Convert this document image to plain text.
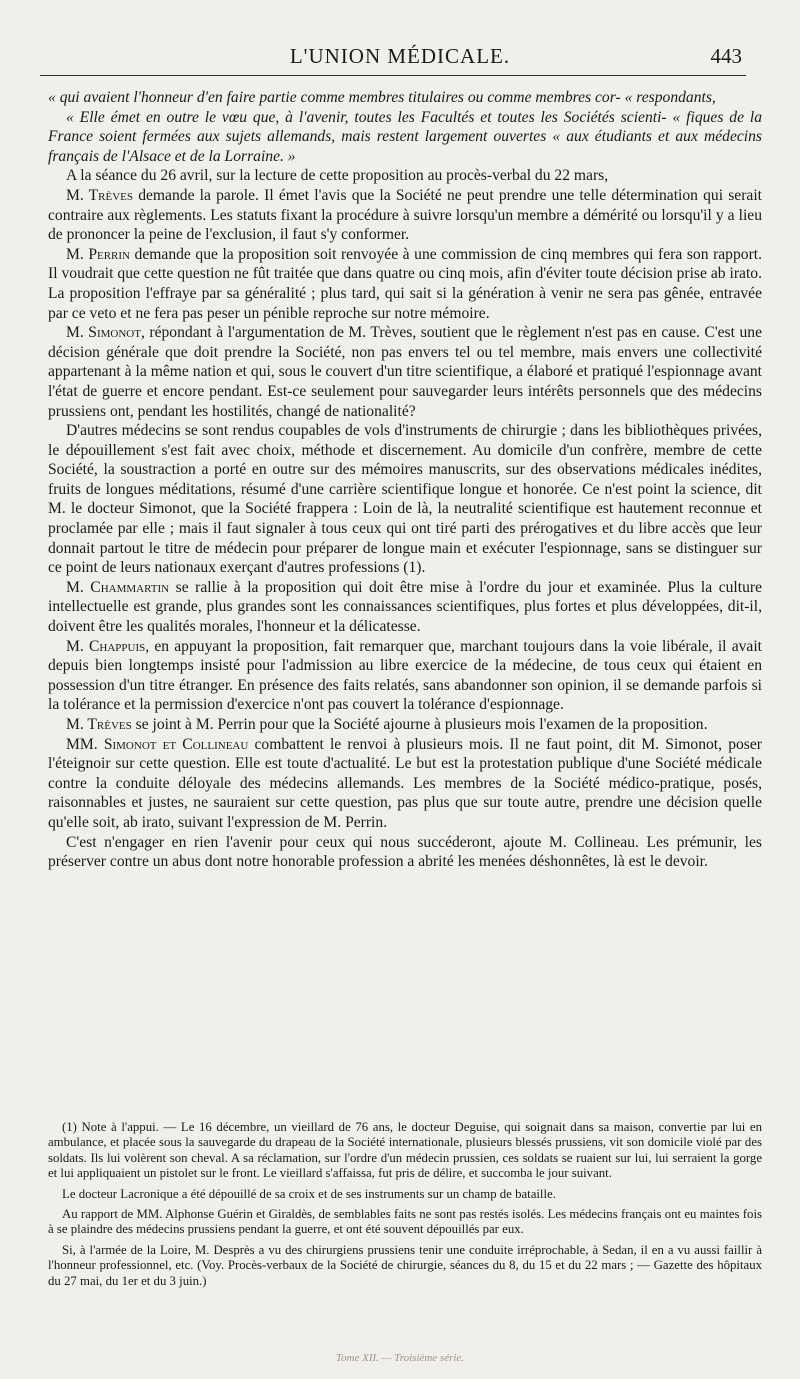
L'UNION MÉDICALE.	443

« qui avaient l'honneur d'en faire partie comme membres titulaires ou comme membres cor- « respondants,

« Elle émet en outre le vœu que, à l'avenir, toutes les Facultés et toutes les Sociétés scienti- « fiques de la France soient fermées aux sujets allemands, mais restent largement ouvertes « aux étudiants et aux médecins français de l'Alsace et de la Lorraine. »

A la séance du 26 avril, sur la lecture de cette proposition au procès-verbal du 22 mars,

M. Trèves demande la parole. Il émet l'avis que la Société ne peut prendre une telle détermination qui serait contraire aux règlements. Les statuts fixant la procédure à suivre lorsqu'un membre a démérité ou lorsqu'il y a lieu de prononcer la peine de l'exclusion, il faut s'y conformer.

M. Perrin demande que la proposition soit renvoyée à une commission de cinq membres qui fera son rapport. Il voudrait que cette question ne fût traitée que dans quatre ou cinq mois, afin d'éviter toute décision prise ab irato. La proposition l'effraye par sa généralité ; plus tard, qui sait si la génération à venir ne sera pas gênée, entravée par ce veto et ne fera pas peser un pénible reproche sur notre mémoire.

M. Simonot, répondant à l'argumentation de M. Trèves, soutient que le règlement n'est pas en cause. C'est une décision générale que doit prendre la Société, non pas envers tel ou tel membre, mais envers une collectivité appartenant à la même nation et qui, sous le couvert d'un titre scientifique, a élaboré et pratiqué l'espionnage avant l'état de guerre et encore pendant. Est-ce seulement pour sauvegarder leurs intérêts personnels que des médecins prussiens ont, pendant les hostilités, changé de nationalité?

D'autres médecins se sont rendus coupables de vols d'instruments de chirurgie ; dans les bibliothèques privées, le dépouillement s'est fait avec choix, méthode et discernement. Au domicile d'un confrère, membre de cette Société, la soustraction a porté en outre sur des mémoires manuscrits, sur des observations médicales inédites, fruits de longues méditations, résumé d'une carrière scientifique longue et honorée. Ce n'est point la science, dit M. le docteur Simonot, que la Société frappera : Loin de là, la neutralité scientifique est hautement reconnue et proclamée par elle ; mais il faut signaler à tous ceux qui ont tiré parti des prérogatives et du libre accès que leur donnait partout le titre de médecin pour préparer de longue main et exécuter l'espionnage, sans se distinguer sur ce point de leurs nationaux exerçant d'autres professions (1).

M. Chammartin se rallie à la proposition qui doit être mise à l'ordre du jour et examinée. Plus la culture intellectuelle est grande, plus grandes sont les connaissances scientifiques, plus fortes et plus développées, dit-il, doivent être les qualités morales, l'honneur et la délicatesse.

M. Chappuis, en appuyant la proposition, fait remarquer que, marchant toujours dans la voie libérale, il avait depuis bien longtemps insisté pour l'admission au libre exercice de la médecine, de tous ceux qui étaient en possession d'un titre étranger. En présence des faits relatés, sans abandonner son opinion, il se demande parfois si la tolérance et la permission d'exercice n'ont pas couvert la tolérance d'espionnage.

M. Trèves se joint à M. Perrin pour que la Société ajourne à plusieurs mois l'examen de la proposition.

MM. Simonot et Collineau combattent le renvoi à plusieurs mois. Il ne faut point, dit M. Simonot, poser l'éteignoir sur cette question. Elle est toute d'actualité. Le but est la protestation publique d'une Société médicale contre la conduite déloyale des médecins allemands. Les membres de la Société médico-pratique, posés, raisonnables et justes, ne sauraient sur cette question, pas plus que sur toute autre, prendre une décision quelle qu'elle soit, ab irato, suivant l'expression de M. Perrin.

C'est n'engager en rien l'avenir pour ceux qui nous succéderont, ajoute M. Collineau. Les prémunir, les préserver contre un abus dont notre honorable profession a abrité les menées déshonnêtes, là est le devoir.

(1) Note à l'appui. — Le 16 décembre, un vieillard de 76 ans, le docteur Deguise, qui soignait dans sa maison, convertie par lui en ambulance, et placée sous la sauvegarde du drapeau de la Société internationale, plusieurs blessés prussiens, vit son domicile violé par des soldats. Ils lui volèrent son cheval. A sa réclamation, sur l'ordre d'un médecin prussien, ces soldats se ruaient sur lui, lui serraient la gorge et lui appliquaient un pistolet sur le front. Le vieillard s'affaissa, fut pris de délire, et succomba le jour suivant.

Le docteur Lacronique a été dépouillé de sa croix et de ses instruments sur un champ de bataille.

Au rapport de MM. Alphonse Guérin et Giraldès, de semblables faits ne sont pas restés isolés. Les médecins français ont eu maintes fois à se plaindre des médecins prussiens pendant la guerre, et ont été souvent dépouillés par eux.

Si, à l'armée de la Loire, M. Desprès a vu des chirurgiens prussiens tenir une conduite irréprochable, à Sedan, il en a vu aussi faillir à l'honneur professionnel, etc. (Voy. Procès-verbaux de la Société de chirurgie, séances du 8, du 15 et du 22 mars ; — Gazette des hôpitaux du 27 mai, du 1er et du 3 juin.)

Tome XII. — Troisième série.
